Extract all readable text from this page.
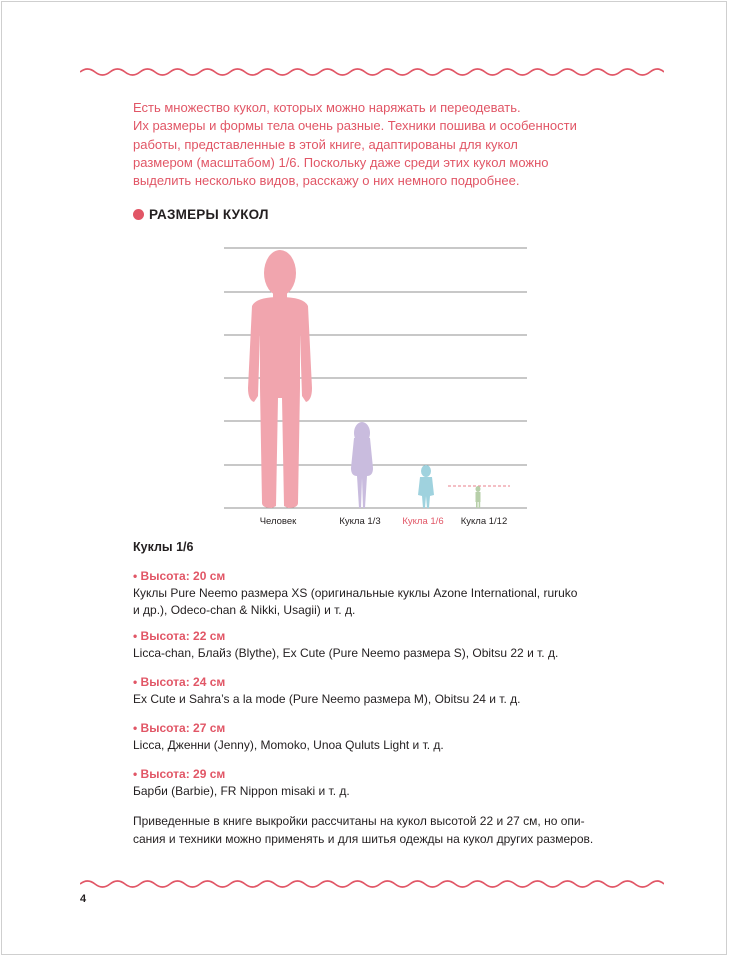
Есть множество кукол, которых можно наряжать и переодевать.
Их размеры и формы тела очень разные. Техники пошива и особенности
работы, представленные в этой книге, адаптированы для кукол
размером (масштабом) 1/6. Поскольку даже среди этих кукол можно
выделить несколько видов, расскажу о них немного подробнее.

РАЗМЕРЫ КУКОЛ
Человек	Кукла 1/3 Кукла 1/6 Кукла 1/12
Куклы 1/6
• Высота: 20 см
Куклы Pure Neemo размера XS (оригинальные куклы Azone International, ruruko
и др.), Odeco-chan & Nikki, Usagii) и т. д.
• Высота: 22 см
Licca-chan, Блайз (Blythe), Ex Cute (Pure Neemo размера S), Obitsu 22 и т. д.
• Высота: 24 см
Ex Cute и Sahra’s a la mode (Pure Neemo размера M), Obitsu 24 и т. д.
• Высота: 27 см
Licca, Дженни (Jenny), Momoko, Unoa Quluts Light и т. д.
• Высота: 29 см
Барби (Barbie), FR Nippon misaki и т. д.
Приведенные в книге выкройки рассчитаны на кукол высотой 22 и 27 см, но опи-
сания и техники можно применять и для шитья одежды на кукол других размеров.
4
